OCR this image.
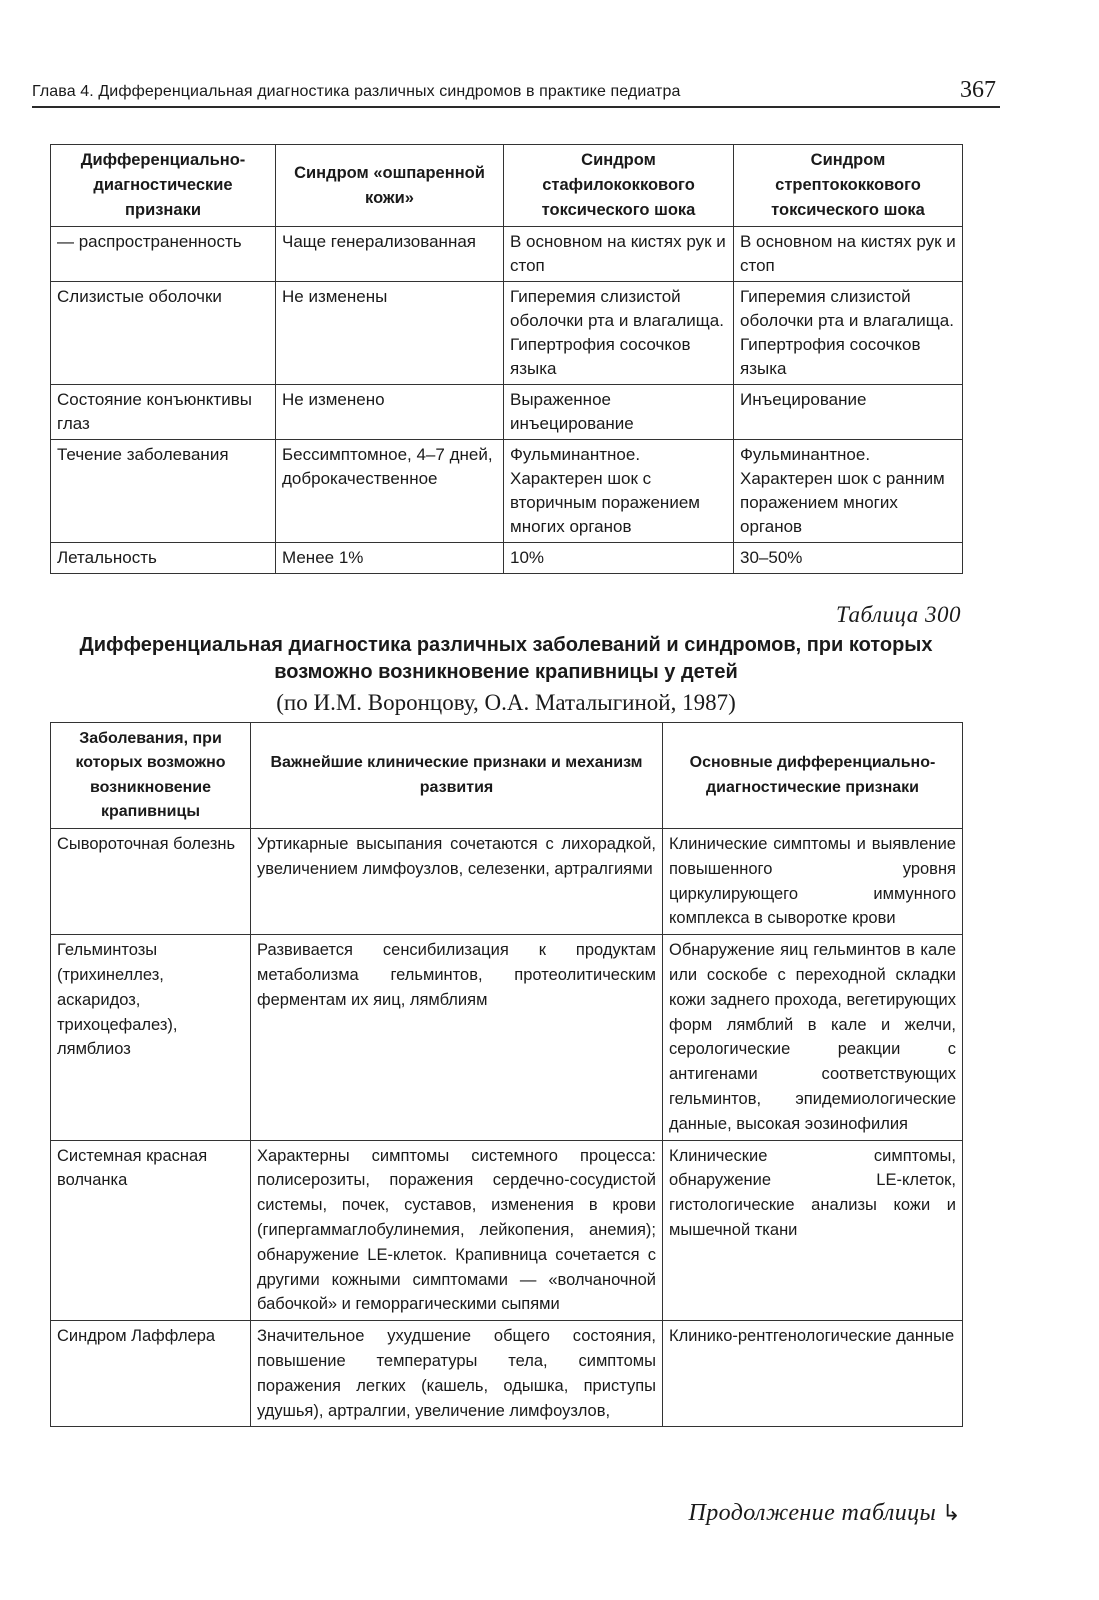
Глава 4. Дифференциальная диагностика различных синдромов в практике педиатра	367
Дифференциально-диагностические признаки	Синдром «ошпаренной кожи»	Синдром стафилококкового токсического шока	Синдром стрептококкового токсического шока
— распространенность	Чаще генерализованная	В основном на кистях рук и стоп	В основном на кистях рук и стоп
Слизистые оболочки	Не изменены	Гиперемия слизистой оболочки рта и влагалища. Гипертрофия сосочков языка	Гиперемия слизистой оболочки рта и влагалища. Гипертрофия сосочков языка
Состояние конъюнктивы глаз	Не изменено	Выраженное инъецирование	Инъецирование
Течение заболевания	Бессимптомное, 4–7 дней, доброкачественное	Фульминантное. Характерен шок с вторичным поражением многих органов	Фульминантное. Характерен шок с ранним поражением многих органов
Летальность	Менее 1%	10%	30–50%
Таблица 300
Дифференциальная диагностика различных заболеваний и синдромов, при которых возможно возникновение крапивницы у детей
(по И.М. Воронцову, О.А. Маталыгиной, 1987)
Заболевания, при которых возможно возникновение крапивницы	Важнейшие клинические признаки и механизм развития	Основные дифференциально-диагностические признаки
Сывороточная болезнь	Уртикарные высыпания сочетаются с лихорадкой, увеличением лимфоузлов, селезенки, артралгиями	Клинические симптомы и выявление повышенного уровня циркулирующего иммунного комплекса в сыворотке крови
Гельминтозы (трихинеллез, аскаридоз, трихоцефалез), лямблиоз	Развивается сенсибилизация к продуктам метаболизма гельминтов, протеолитическим ферментам их яиц, лямблиям	Обнаружение яиц гельминтов в кале или соскобе с переходной складки кожи заднего прохода, вегетирующих форм лямблий в кале и желчи, серологические реакции с антигенами соответствующих гельминтов, эпидемиологические данные, высокая эозинофилия
Системная красная волчанка	Характерны симптомы системного процесса: полисерозиты, поражения сердечно-сосудистой системы, почек, суставов, изменения в крови (гипергаммаглобулинемия, лейкопения, анемия); обнаружение LE-клеток. Крапивница сочетается с другими кожными симптомами — «волчаночной бабочкой» и геморрагическими сыпями	Клинические симптомы, обнаружение LE-клеток, гистологические анализы кожи и мышечной ткани
Синдром Лаффлера	Значительное ухудшение общего состояния, повышение температуры тела, симптомы поражения легких (кашель, одышка, приступы удушья), артралгии, увеличение лимфоузлов,	Клинико-рентгенологические данные
Продолжение таблицы ↳
